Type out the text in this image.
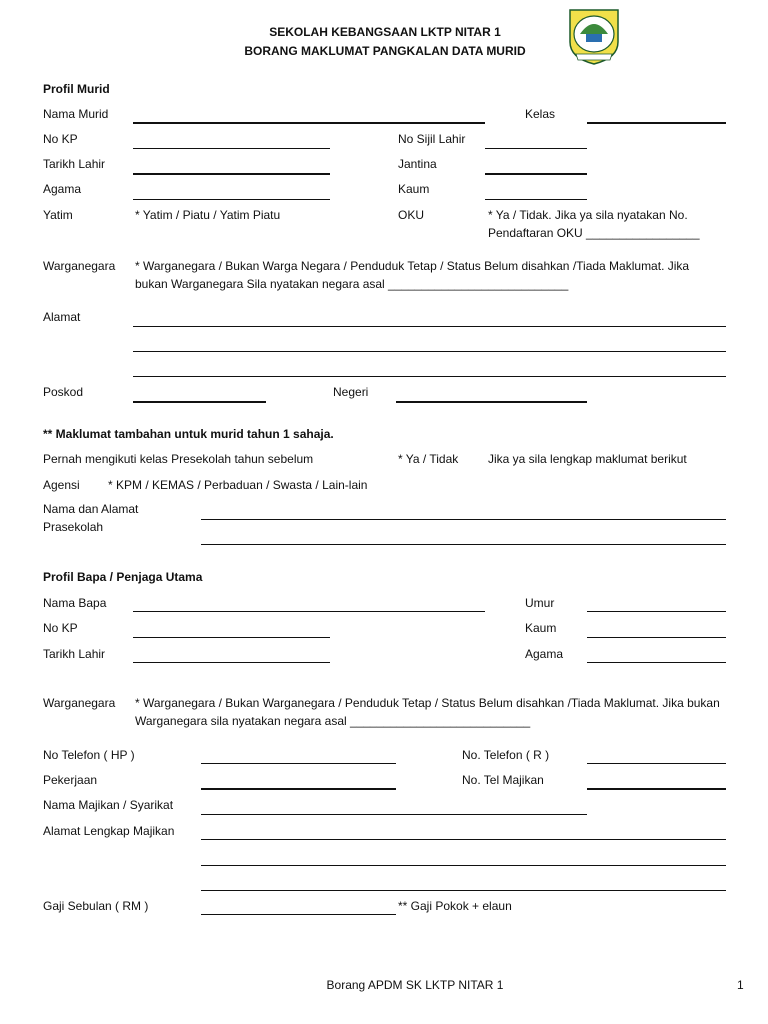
SEKOLAH KEBANGSAAN LKTP NITAR 1
BORANG MAKLUMAT PANGKALAN DATA MURID
Profil Murid
Nama Murid	Kelas
No KP	No Sijil Lahir
Tarikh Lahir	Jantina
Agama	Kaum
Yatim	* Yatim / Piatu / Yatim Piatu	OKU	* Ya / Tidak. Jika ya sila nyatakan No. Pendaftaran OKU _________________
Warganegara * Warganegara / Bukan Warga Negara / Penduduk Tetap / Status Belum disahkan /Tiada Maklumat. Jika bukan Warganegara Sila nyatakan negara asal ___________________________
Alamat
Poskod	Negeri
** Maklumat tambahan untuk murid tahun 1 sahaja.
Pernah mengikuti kelas Presekolah tahun sebelum	* Ya / Tidak Jika ya sila lengkap maklumat berikut
Agensi * KPM / KEMAS / Perbaduan / Swasta / Lain-lain
Nama dan Alamat Prasekolah
Profil Bapa / Penjaga Utama
Nama Bapa	Umur
No KP	Kaum
Tarikh Lahir	Agama
Warganegara * Warganegara / Bukan Warganegara / Penduduk Tetap / Status Belum disahkan /Tiada Maklumat. Jika bukan Warganegara sila nyatakan negara asal ___________________________
No Telefon ( HP )	No. Telefon ( R )
Pekerjaan	No. Tel Majikan
Nama Majikan / Syarikat
Alamat Lengkap Majikan
Gaji Sebulan ( RM )	** Gaji Pokok + elaun
Borang APDM SK LKTP NITAR 1	1
